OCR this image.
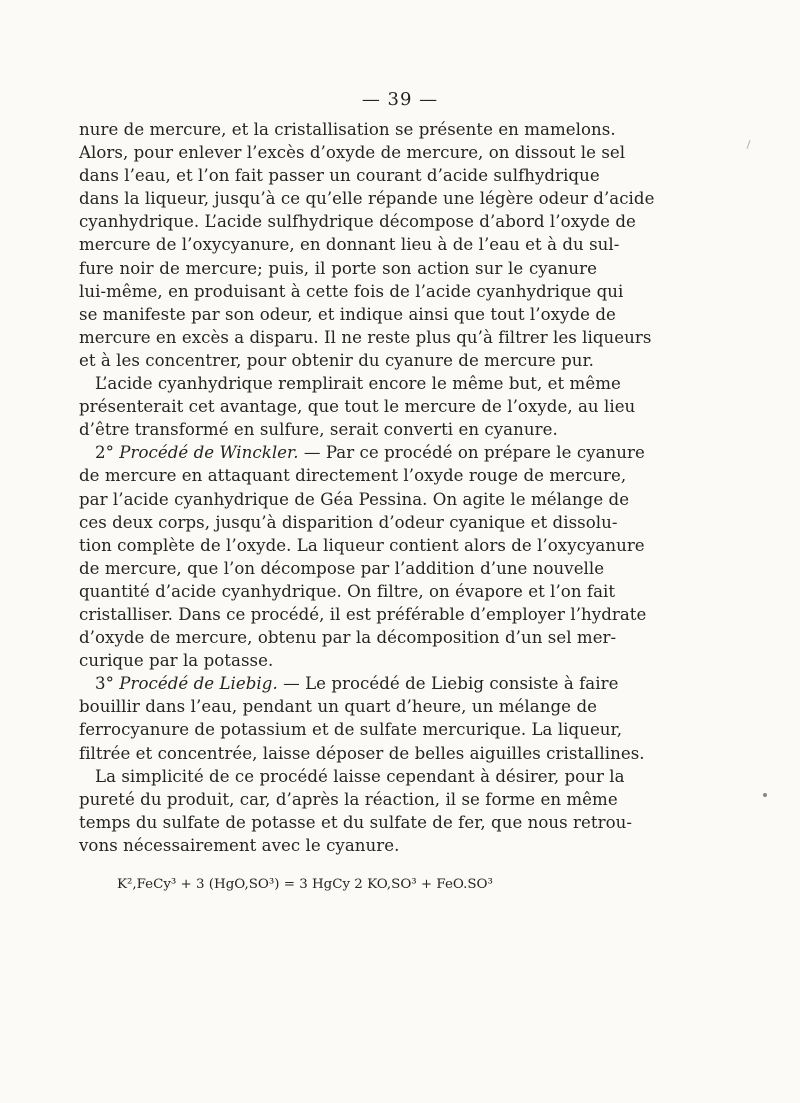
— 39 —
nure de mercure, et la cristallisation se présente en mamelons.
Alors, pour enlever l’excès d’oxyde de mercure, on dissout le sel
dans l’eau, et l’on fait passer un courant d’acide sulfhydrique
dans la liqueur, jusqu’à ce qu’elle répande une légère odeur d’acide
cyanhydrique. L’acide sulfhydrique décompose d’abord l’oxyde de
mercure de l’oxycyanure, en donnant lieu à de l’eau et à du sul-
fure noir de mercure; puis, il porte son action sur le cyanure
lui-même, en produisant à cette fois de l’acide cyanhydrique qui
se manifeste par son odeur, et indique ainsi que tout l’oxyde de
mercure en excès a disparu. Il ne reste plus qu’à filtrer les liqueurs
et à les concentrer, pour obtenir du cyanure de mercure pur.
L’acide cyanhydrique remplirait encore le même but, et même
présenterait cet avantage, que tout le mercure de l’oxyde, au lieu
d’être transformé en sulfure, serait converti en cyanure.
2° Procédé de Winckler. — Par ce procédé on prépare le cyanure
de mercure en attaquant directement l’oxyde rouge de mercure,
par l’acide cyanhydrique de Géa Pessina. On agite le mélange de
ces deux corps, jusqu’à disparition d’odeur cyanique et dissolu-
tion complète de l’oxyde. La liqueur contient alors de l’oxycyanure
de mercure, que l’on décompose par l’addition d’une nouvelle
quantité d’acide cyanhydrique. On filtre, on évapore et l’on fait
cristalliser. Dans ce procédé, il est préférable d’employer l’hydrate
d’oxyde de mercure, obtenu par la décomposition d’un sel mer-
curique par la potasse.
3° Procédé de Liebig. — Le procédé de Liebig consiste à faire
bouillir dans l’eau, pendant un quart d’heure, un mélange de
ferrocyanure de potassium et de sulfate mercurique. La liqueur,
filtrée et concentrée, laisse déposer de belles aiguilles cristallines.
La simplicité de ce procédé laisse cependant à désirer, pour la
pureté du produit, car, d’après la réaction, il se forme en même
temps du sulfate de potasse et du sulfate de fer, que nous retrou-
vons nécessairement avec le cyanure.
K²,FeCy³ + 3 (HgO,SO³) = 3 HgCy 2 KO,SO³ + FeO.SO³
